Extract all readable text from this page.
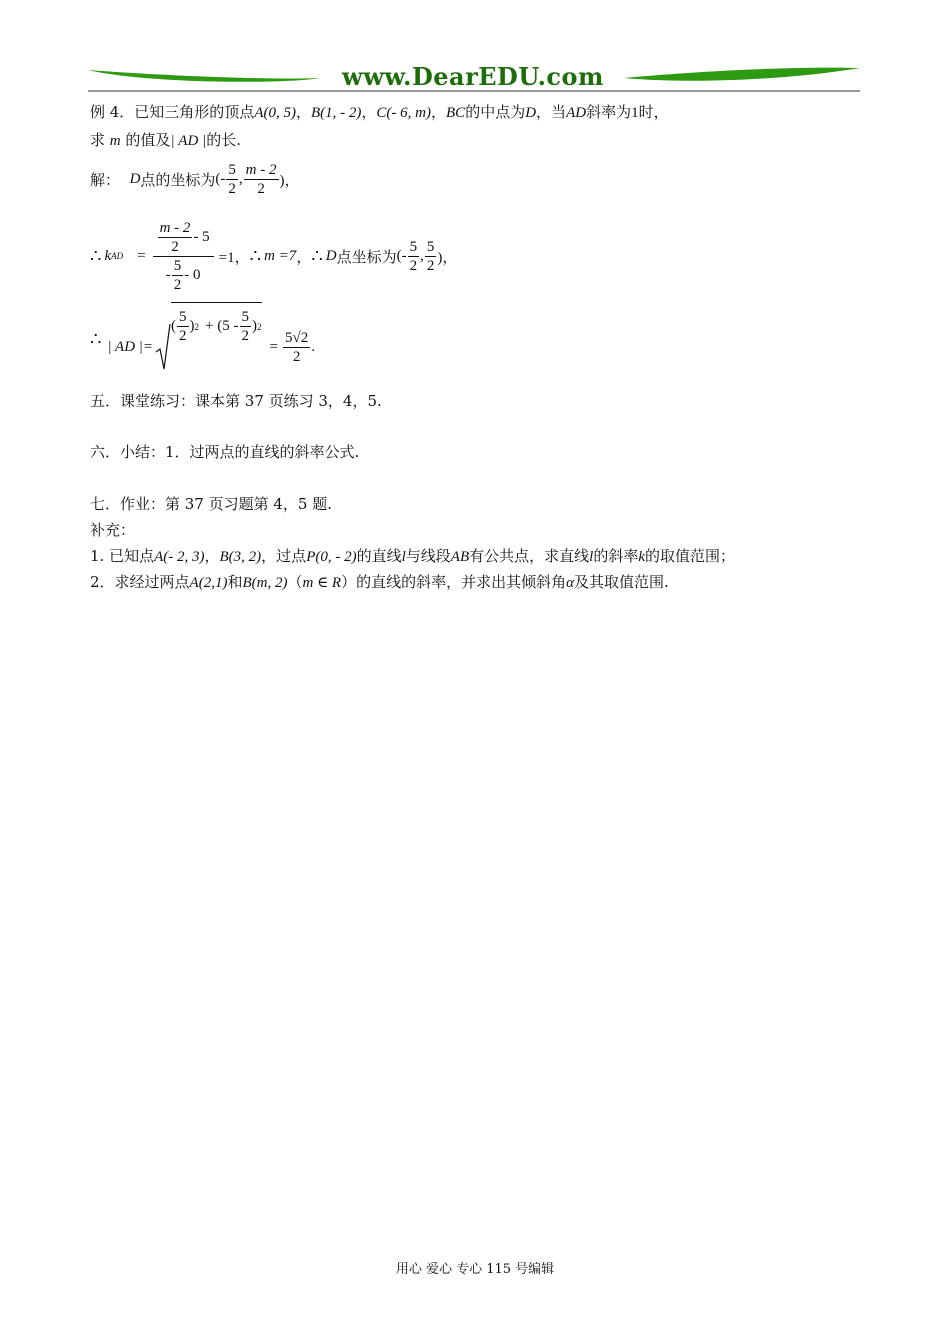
www.DearEDU.com
例 4．已知三角形的顶点A(0, 5)，B(1, - 2)，C(- 6, m)，BC的中点为D，当AD斜率为1时，
求 m 的值及| AD |的长.
解：
D 点的坐标为 (- $\frac{5}{2}$ , $\frac{m - 2}{2}$ )，
∴ k AD = $\frac{\frac{m - 2}{2} - 5}{- \frac{5}{2} - 0} =1$， ∴ m =7 ， ∴ D 点坐标为 (- $\frac{5}{2}$ , $\frac{5}{2}$ )，
∴ | AD |=
( $\frac{5}{2}$ ) $2 + (5 - \frac{5}{2}$ ) 2
= $\frac{5√2}{2}$ .
五．课堂练习：课本第 37 页练习 3，4，5.
六．小结：1．过两点的直线的斜率公式.
七．作业：第 37 页习题第 4，5 题.
补充：
1. 已知点A(- 2, 3)，B(3, 2)，过点P(0, - 2)的直线l与线段AB有公共点，求直线l的斜率k的取值范围；
2．求经过两点A(2,1)和B(m, 2)（m ∈ R）的直线的斜率，并求出其倾斜角α及其取值范围.
用心 爱心 专心 115 号编辑
